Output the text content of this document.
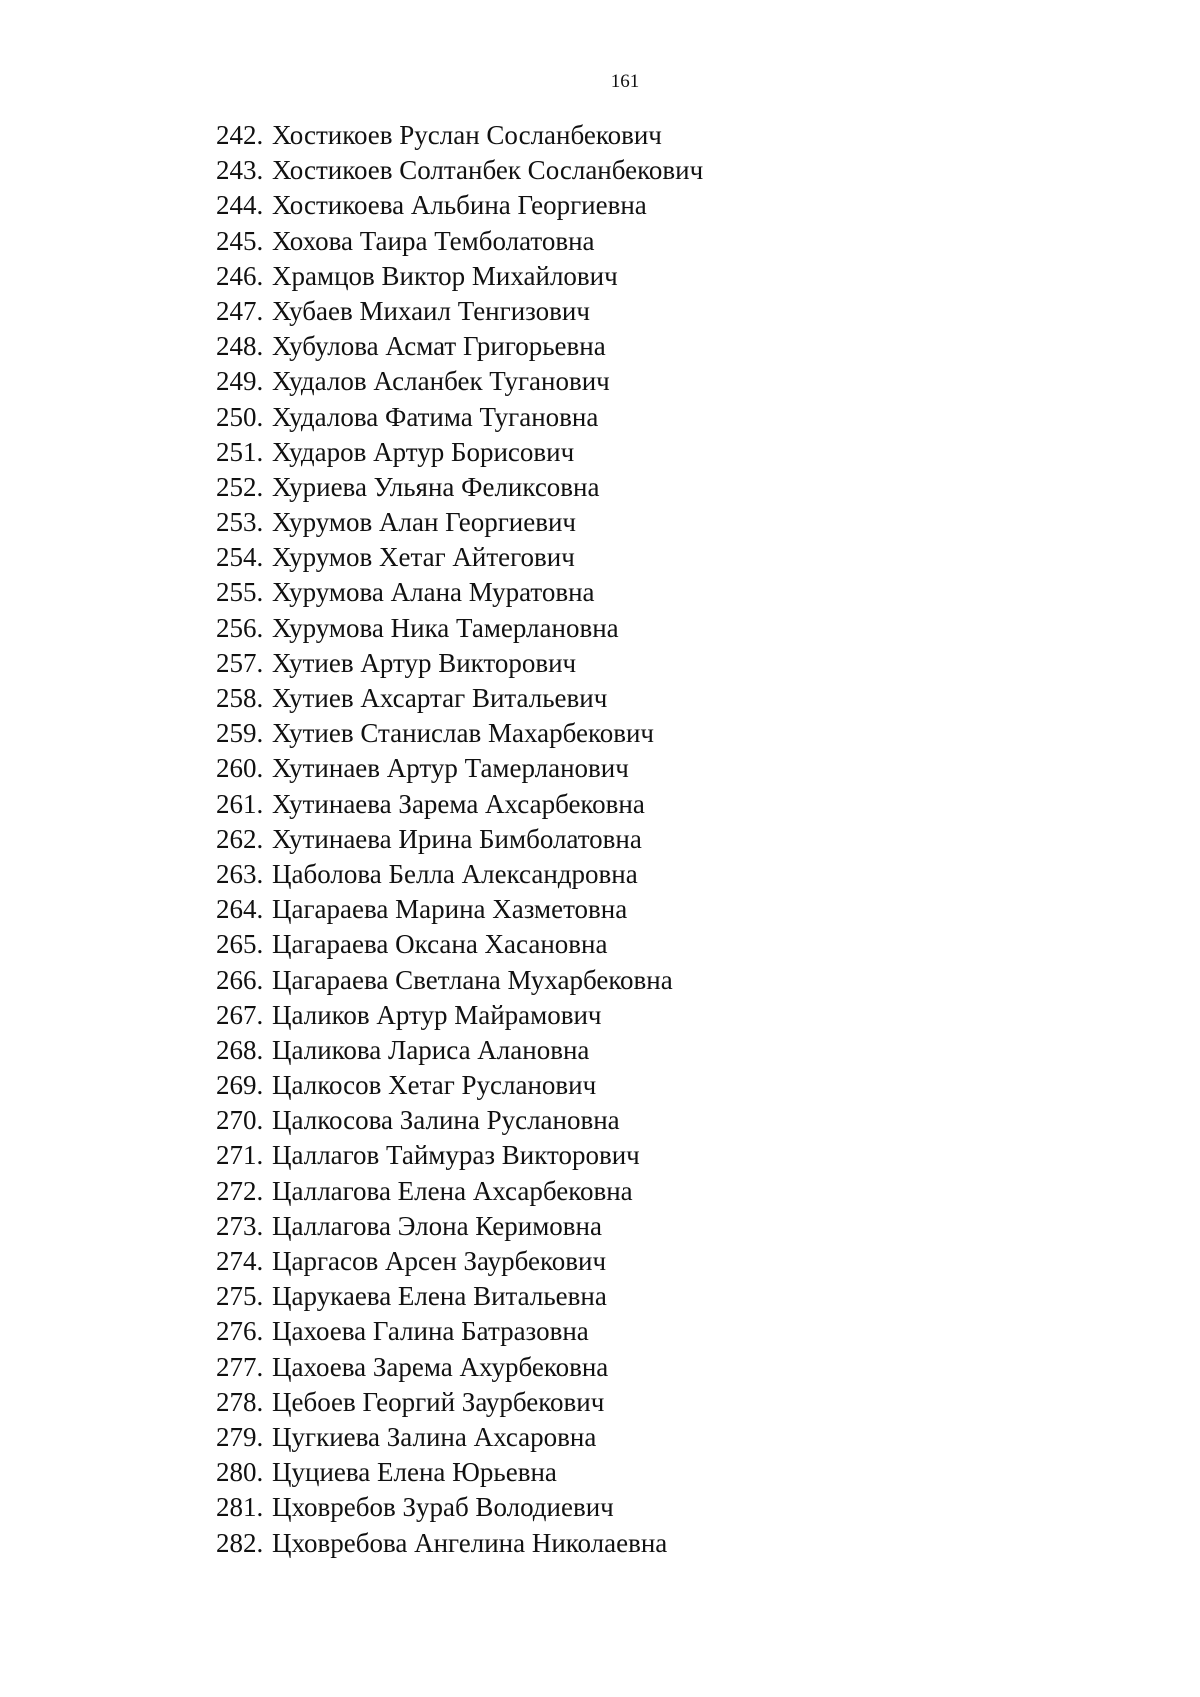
161
242. Хостикоев Руслан Сосланбекович
243. Хостикоев Солтанбек Сосланбекович
244. Хостикоева Альбина Георгиевна
245. Хохова Таира Темболатовна
246. Храмцов Виктор Михайлович
247. Хубаев Михаил Тенгизович
248. Хубулова Асмат Григорьевна
249. Худалов Асланбек Туганович
250. Худалова Фатима Тугановна
251. Хударов Артур Борисович
252. Хуриева Ульяна Феликсовна
253. Хурумов Алан Георгиевич
254. Хурумов Хетаг Айтегович
255. Хурумова Алана Муратовна
256. Хурумова Ника Тамерлановна
257. Хутиев Артур Викторович
258. Хутиев Ахсартаг Витальевич
259. Хутиев Станислав Махарбекович
260. Хутинаев Артур Тамерланович
261. Хутинаева Зарема Ахсарбековна
262. Хутинаева Ирина Бимболатовна
263. Цаболова Белла Александровна
264. Цагараева Марина Хазметовна
265. Цагараева Оксана Хасановна
266. Цагараева Светлана Мухарбековна
267. Цаликов Артур Майрамович
268. Цаликова Лариса Алановна
269. Цалкосов Хетаг Русланович
270. Цалкосова Залина Руслановна
271. Цаллагов Таймураз Викторович
272. Цаллагова Елена Ахсарбековна
273. Цаллагова Элона Керимовна
274. Царгасов Арсен Заурбекович
275. Царукаева Елена Витальевна
276. Цахоева Галина Батразовна
277. Цахоева Зарема Ахурбековна
278. Цебоев Георгий Заурбекович
279. Цугкиева Залина Ахсаровна
280. Цуциева Елена Юрьевна
281. Цховребов Зураб Володиевич
282. Цховребова Ангелина Николаевна
